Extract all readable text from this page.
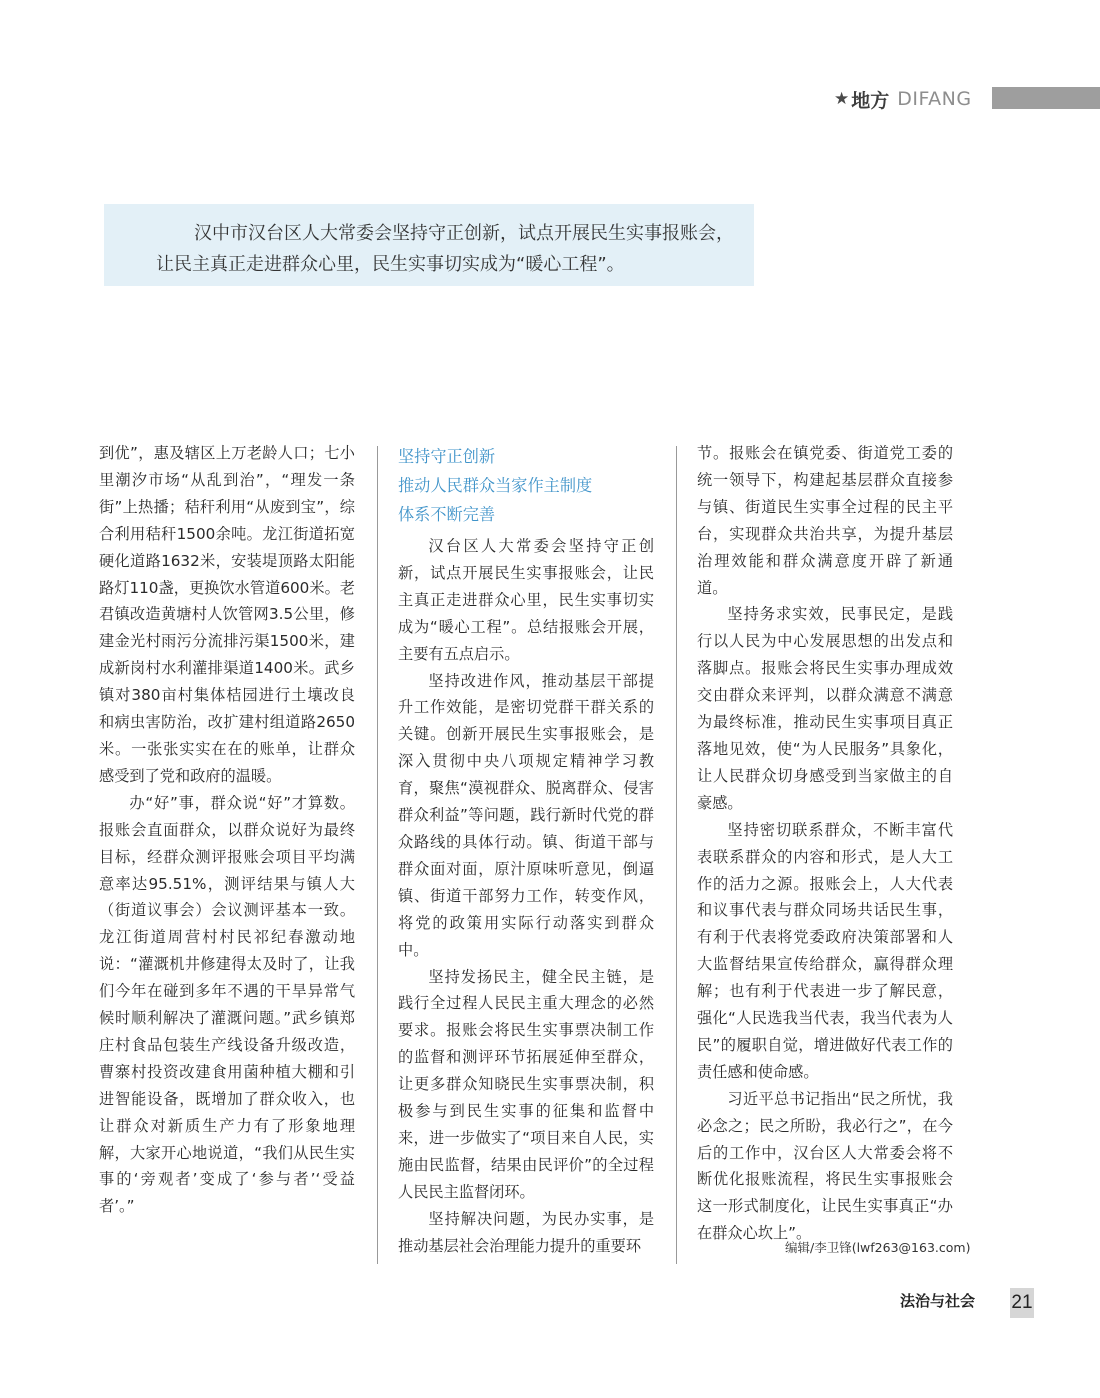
★ 地方 DIFANG

汉中市汉台区人大常委会坚持守正创新，试点开展民生实事报账会，让民主真正走进群众心里，民生实事切实成为“暖心工程”。

到优”，惠及辖区上万老龄人口；七小里潮汐市场“从乱到治”，“理发一条街”上热播；秸秆利用“从废到宝”，综合利用秸秆1500余吨。龙江街道拓宽硬化道路1632米，安装堤顶路太阳能路灯110盏，更换饮水管道600米。老君镇改造黄塘村人饮管网3.5公里，修建金光村雨污分流排污渠1500米，建成新岗村水利灌排渠道1400米。武乡镇对380亩村集体桔园进行土壤改良和病虫害防治，改扩建村组道路2650米。一张张实实在在的账单，让群众感受到了党和政府的温暖。

办“好”事，群众说“好”才算数。报账会直面群众，以群众说好为最终目标，经群众测评报账会项目平均满意率达95.51%，测评结果与镇人大（街道议事会）会议测评基本一致。龙江街道周营村村民祁纪春激动地说：“灌溉机井修建得太及时了，让我们今年在碰到多年不遇的干旱异常气候时顺利解决了灌溉问题。”武乡镇郑庄村食品包装生产线设备升级改造，曹寨村投资改建食用菌种植大棚和引进智能设备，既增加了群众收入，也让群众对新质生产力有了形象地理解，大家开心地说道，“我们从民生实事的‘旁观者’变成了‘参与者’‘受益者’。”

坚持守正创新
推动人民群众当家作主制度
体系不断完善

汉台区人大常委会坚持守正创新，试点开展民生实事报账会，让民主真正走进群众心里，民生实事切实成为“暖心工程”。总结报账会开展，主要有五点启示。

坚持改进作风，推动基层干部提升工作效能，是密切党群干群关系的关键。创新开展民生实事报账会，是深入贯彻中央八项规定精神学习教育，聚焦“漠视群众、脱离群众、侵害群众利益”等问题，践行新时代党的群众路线的具体行动。镇、街道干部与群众面对面，原汁原味听意见，倒逼镇、街道干部努力工作，转变作风，将党的政策用实际行动落实到群众中。

坚持发扬民主，健全民主链，是践行全过程人民民主重大理念的必然要求。报账会将民生实事票决制工作的监督和测评环节拓展延伸至群众，让更多群众知晓民生实事票决制，积极参与到民生实事的征集和监督中来，进一步做实了“项目来自人民，实施由民监督，结果由民评价”的全过程人民民主监督闭环。

坚持解决问题，为民办实事，是推动基层社会治理能力提升的重要环

节。报账会在镇党委、街道党工委的统一领导下，构建起基层群众直接参与镇、街道民生实事全过程的民主平台，实现群众共治共享，为提升基层治理效能和群众满意度开辟了新通道。

坚持务求实效，民事民定，是践行以人民为中心发展思想的出发点和落脚点。报账会将民生实事办理成效交由群众来评判，以群众满意不满意为最终标准，推动民生实事项目真正落地见效，使“为人民服务”具象化，让人民群众切身感受到当家做主的自豪感。

坚持密切联系群众，不断丰富代表联系群众的内容和形式，是人大工作的活力之源。报账会上，人大代表和议事代表与群众同场共话民生事，有利于代表将党委政府决策部署和人大监督结果宣传给群众，赢得群众理解；也有利于代表进一步了解民意，强化“人民选我当代表，我当代表为人民”的履职自觉，增进做好代表工作的责任感和使命感。

习近平总书记指出“民之所忧，我必念之；民之所盼，我必行之”，在今后的工作中，汉台区人大常委会将不断优化报账流程，将民生实事报账会这一形式制度化，让民生实事真正“办在群众心坎上”。

编辑/李卫锋(lwf263@163.com)
法治与社会 21
